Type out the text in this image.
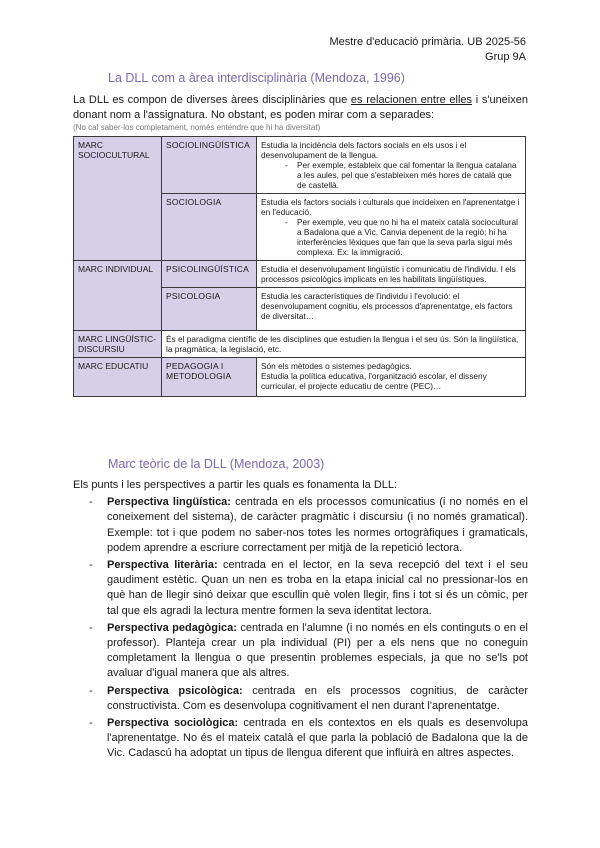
Mestre d'educació primària. UB 2025-56
Grup 9A
La DLL com a àrea interdisciplinària (Mendoza, 1996)
La DLL es compon de diverses àrees disciplinàries que es relacionen entre elles i s'uneixen donant nom a l'assignatura. No obstant, es poden mirar com a separades:
(No cal saber-los completament, només entendre que hi ha diversitat)
MARC SOCIOCULTURAL	SOCIOLINGÜÍSTICA	Estudia la incidència dels factors socials en els usos i el desenvolupament de la llengua.
- Per exemple, estableix que cal fomentar la llengua catalana a les aules, pel que s'estableixen més hores de català que de castellà.

	SOCIOLOGIA	Estudia els factors socials i culturals que incideixen en l'aprenentatge i en l'educació.
- Per exemple, veu que no hi ha el mateix català sociocultural a Badalona que a Vic. Canvia depenent de la regió; hi ha interferències lèxiques que fan que la seva parla sigui més complexa. Ex: la immigració.

MARC INDIVIDUAL	PSICOLINGÜÍSTICA	Estudia el desenvolupament lingüístic i comunicatiu de l'individu. I els processos psicològics implicats en les habilitats lingüístiques.

	PSICOLOGIA	Estudia les característiques de l'individu i l'evolució: el desenvolupament cognitiu, els processos d'aprenentatge, els factors de diversitat…

MARC LINGÜÍSTIC-DISCURSIU	És el paradigma científic de les disciplines que estudien la llengua i el seu ús. Són la lingüística, la pragmàtica, la legislació, etc.	

MARC EDUCATIU	PEDAGOGIA I METODOLOGIA	Són els mètodes o sistemes pedagògics.
Estudia la política educativa, l'organització escolar, el disseny curricular, el projecte educatiu de centre (PEC)…
Marc teòric de la DLL (Mendoza, 2003)

Els punts i les perspectives a partir les quals es fonamenta la DLL:

- Perspectiva lingüística: centrada en els processos comunicatius (i no només en el coneixement del sistema), de caràcter pragmàtic i discursiu (i no només gramatical). Exemple: tot i que podem no saber-nos totes les normes ortogràfiques i gramaticals, podem aprendre a escriure correctament per mitjà de la repetició lectora.
- Perspectiva literària: centrada en el lector, en la seva recepció del text i el seu gaudiment estètic. Quan un nen es troba en la etapa inicial cal no pressionar-los en què han de llegir sinó deixar que escullin què volen llegir, fins i tot si és un còmic, per tal que els agradi la lectura mentre formen la seva identitat lectora.
- Perspectiva pedagògica: centrada en l'alumne (i no només en els continguts o en el professor). Planteja crear un pla individual (PI) per a els nens que no coneguin completament la llengua o que presentin problemes especials, ja que no se'ls pot avaluar d'igual manera que als altres.
- Perspectiva psicològica: centrada en els processos cognitius, de caràcter constructivista. Com es desenvolupa cognitivament el nen durant l'aprenentatge.
- Perspectiva sociològica: centrada en els contextos en els quals es desenvolupa l'aprenentatge. No és el mateix català el que parla la població de Badalona que la de Vic. Cadascú ha adoptat un tipus de llengua diferent que influirà en altres aspectes.
